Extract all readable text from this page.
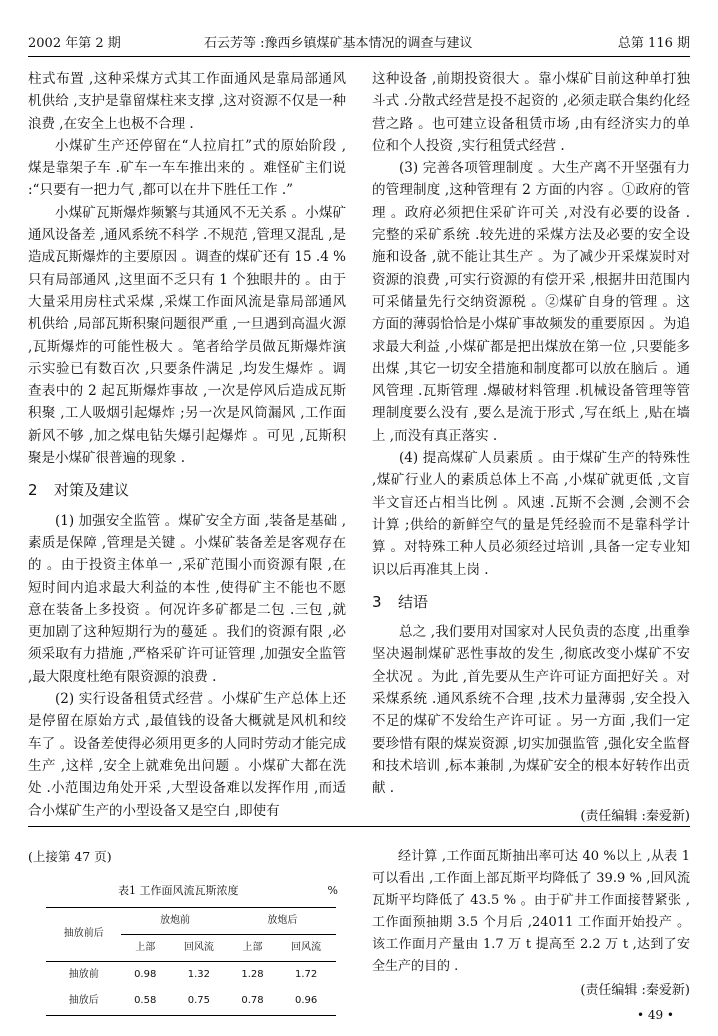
2002 年第 2 期	石云芳等 :豫西乡镇煤矿基本情况的调查与建议	总第 116 期

柱式布置 ,这种采煤方式其工作面通风是靠局部通风机供给 ,支护是靠留煤柱来支撑 ,这对资源不仅是一种浪费 ,在安全上也极不合理 .

小煤矿生产还停留在“人拉肩扛”式的原始阶段 ,煤是靠架子车 .矿车一车车推出来的 。难怪矿主们说 :“只要有一把力气 ,都可以在井下胜任工作 .”

小煤矿瓦斯爆炸频繁与其通风不无关系 。小煤矿通风设备差 ,通风系统不科学 .不规范 ,管理又混乱 ,是造成瓦斯爆炸的主要原因 。调查的煤矿还有 15 .4 %只有局部通风 ,这里面不乏只有 1 个独眼井的 。由于大量采用房柱式采煤 ,采煤工作面风流是靠局部通风机供给 ,局部瓦斯积聚问题很严重 ,一旦遇到高温火源 ,瓦斯爆炸的可能性极大 。笔者给学员做瓦斯爆炸演示实验已有数百次 ,只要条件满足 ,均发生爆炸 。调查表中的 2 起瓦斯爆炸事故 ,一次是停风后造成瓦斯积聚 ,工人吸烟引起爆炸 ;另一次是风筒漏风 ,工作面新风不够 ,加之煤电钻失爆引起爆炸 。可见 ,瓦斯积聚是小煤矿很普遍的现象 .

2 对策及建议

(1) 加强安全监管 。煤矿安全方面 ,装备是基础 ,素质是保障 ,管理是关键 。小煤矿装备差是客观存在的 。由于投资主体单一 ,采矿范围小而资源有限 ,在短时间内追求最大利益的本性 ,使得矿主不能也不愿意在装备上多投资 。何况许多矿都是二包 .三包 ,就更加剧了这种短期行为的蔓延 。我们的资源有限 ,必须采取有力措施 ,严格采矿许可证管理 ,加强安全监管 ,最大限度杜绝有限资源的浪费 .

(2) 实行设备租赁式经营 。小煤矿生产总体上还是停留在原始方式 ,最值钱的设备大概就是风机和绞车了 。设备差使得必须用更多的人同时劳动才能完成生产 ,这样 ,安全上就难免出问题 。小煤矿大都在洗处 .小范围边角处开采 ,大型设备难以发挥作用 ,而适合小煤矿生产的小型设备又是空白 ,即使有

这种设备 ,前期投资很大 。靠小煤矿目前这种单打独斗式 .分散式经营是投不起资的 ,必须走联合集约化经营之路 。也可建立设备租赁市场 ,由有经济实力的单位和个人投资 ,实行租赁式经营 .

(3) 完善各项管理制度 。大生产离不开坚强有力的管理制度 ,这种管理有 2 方面的内容 。①政府的管理 。政府必须把住采矿许可关 ,对没有必要的设备 .完整的采矿系统 .较先进的采煤方法及必要的安全设施和设备 ,就不能让其生产 。为了减少开采煤炭时对资源的浪费 ,可实行资源的有偿开采 ,根据井田范围内可采储量先行交纳资源税 。②煤矿自身的管理 。这方面的薄弱恰恰是小煤矿事故频发的重要原因 。为追求最大利益 ,小煤矿都是把出煤放在第一位 ,只要能多出煤 ,其它一切安全措施和制度都可以放在脑后 。通风管理 .瓦斯管理 .爆破材料管理 .机械设备管理等管理制度要么没有 ,要么是流于形式 ,写在纸上 ,贴在墙上 ,而没有真正落实 .

(4) 提高煤矿人员素质 。由于煤矿生产的特殊性 ,煤矿行业人的素质总体上不高 ,小煤矿就更低 ,文盲半文盲还占相当比例 。风速 .瓦斯不会测 ,会测不会计算 ;供给的新鲜空气的量是凭经验而不是靠科学计算 。对特殊工种人员必须经过培训 ,具备一定专业知识以后再准其上岗 .

3 结语

总之 ,我们要用对国家对人民负责的态度 ,出重拳坚决遏制煤矿恶性事故的发生 ,彻底改变小煤矿不安全状况 。为此 ,首先要从生产许可证方面把好关 。对采煤系统 .通风系统不合理 ,技术力量薄弱 ,安全投入不足的煤矿不发给生产许可证 。另一方面 ,我们一定要珍惜有限的煤炭资源 ,切实加强监管 ,强化安全监督和技术培训 ,标本兼制 ,为煤矿安全的根本好转作出贡献 .

(责任编辑 :秦爱新)

(上接第 47 页)

表1 工作面风流瓦斯浓度	%
抽放前后	放炮前		放炮后	
	上部	回风流	上部	回风流
抽放前	0.98	1.32	1.28	1.72
抽放后	0.58	0.75	0.78	0.96

经计算 ,工作面瓦斯抽出率可达 40 %以上 ,从表 1 可以看出 ,工作面上部瓦斯平均降低了 39.9 % ,回风流瓦斯平均降低了 43.5 % 。由于矿井工作面接替紧张 ,工作面预抽期 3.5 个月后 ,24011 工作面开始投产 。该工作面月产量由 1.7 万 t 提高至 2.2 万 t ,达到了安全生产的目的 .

(责任编辑 :秦爱新)

• 49 •
